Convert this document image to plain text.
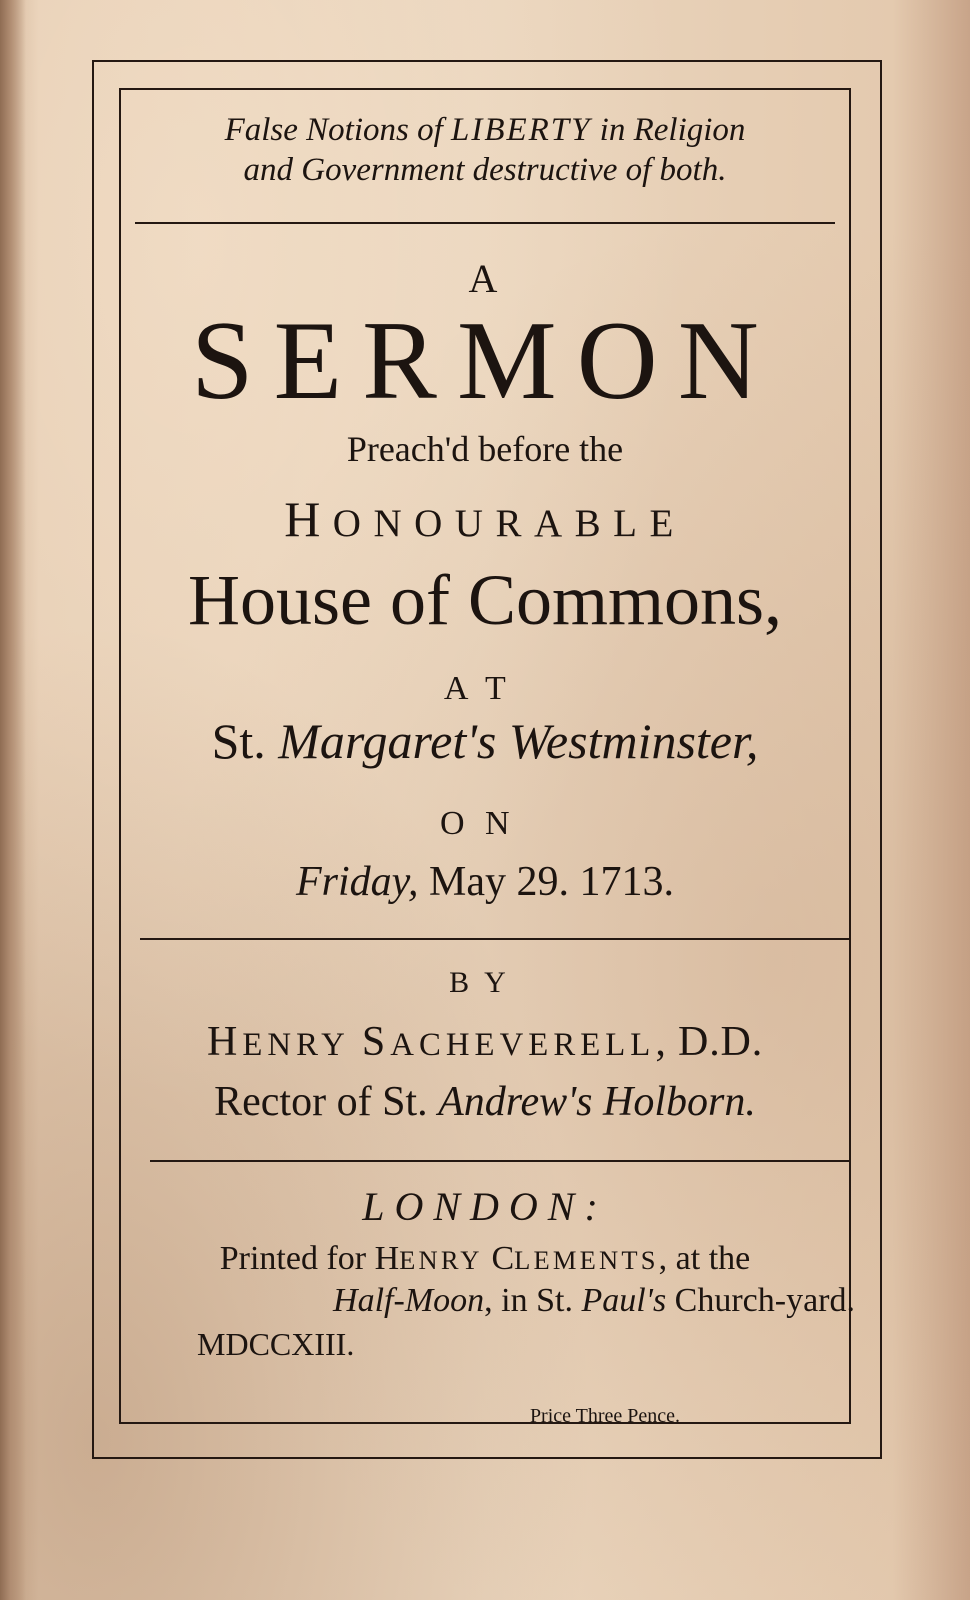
False Notions of LIBERTY in Religion
and Government destructive of both.
A
SERMON
Preach'd before the
HONOURABLE
House of Commons,
AT
St. Margaret's Westminster,
ON
Friday, May 29. 1713.
BY
HENRY SACHEVERELL, D.D.
Rector of St. Andrew's Holborn.
LONDON:
Printed for HENRY CLEMENTS, at the
Half-Moon, in St. Paul's Church-yard.
MDCCXIII.
Price Three Pence.
